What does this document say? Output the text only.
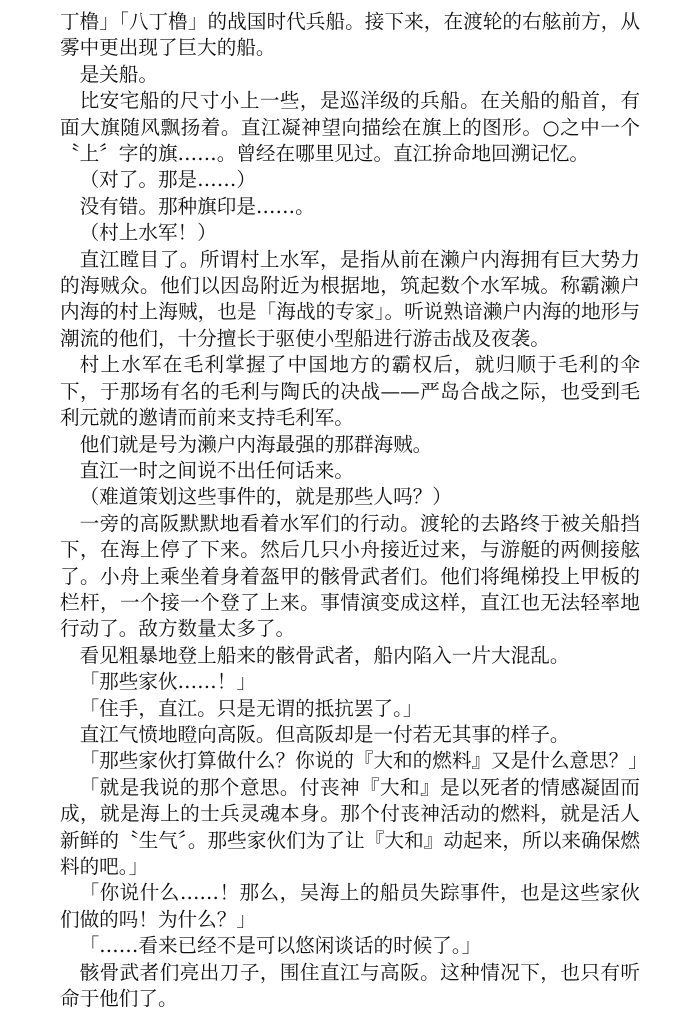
丁橹」「八丁橹」的战国时代兵船。接下来，在渡轮的右舷前方，从雾中更出现了巨大的船。

是关船。

比安宅船的尺寸小上一些，是巡洋级的兵船。在关船的船首，有面大旗随风飘扬着。直江凝神望向描绘在旗上的图形。○之中一个〝上〞字的旗……。曾经在哪里见过。直江拚命地回溯记忆。

（对了。那是……）

没有错。那种旗印是……。

（村上水军！）

直江瞠目了。所谓村上水军，是指从前在濑户内海拥有巨大势力的海贼众。他们以因岛附近为根据地，筑起数个水军城。称霸濑户内海的村上海贼，也是「海战的专家」。听说熟谙濑户内海的地形与潮流的他们，十分擅长于驱使小型船进行游击战及夜袭。

村上水军在毛利掌握了中国地方的霸权后，就归顺于毛利的伞下，于那场有名的毛利与陶氏的决战——严岛合战之际，也受到毛利元就的邀请而前来支持毛利军。

他们就是号为濑户内海最强的那群海贼。

直江一时之间说不出任何话来。

（难道策划这些事件的，就是那些人吗？）

一旁的高阪默默地看着水军们的行动。渡轮的去路终于被关船挡下，在海上停了下来。然后几只小舟接近过来，与游艇的两侧接舷了。小舟上乘坐着身着盔甲的骸骨武者们。他们将绳梯投上甲板的栏杆，一个接一个登了上来。事情演变成这样，直江也无法轻率地行动了。敌方数量太多了。

看见粗暴地登上船来的骸骨武者，船内陷入一片大混乱。

「那些家伙……！」

「住手，直江。只是无谓的抵抗罢了。」

直江气愤地瞪向高阪。但高阪却是一付若无其事的样子。

「那些家伙打算做什么？你说的『大和的燃料』又是什么意思？」

「就是我说的那个意思。付丧神『大和』是以死者的情感凝固而成，就是海上的士兵灵魂本身。那个付丧神活动的燃料，就是活人新鲜的〝生气〞。那些家伙们为了让『大和』动起来，所以来确保燃料的吧。」

「你说什么……！那么，吴海上的船员失踪事件，也是这些家伙们做的吗！为什么？」

「……看来已经不是可以悠闲谈话的时候了。」

骸骨武者们亮出刀子，围住直江与高阪。这种情况下，也只有听命于他们了。
